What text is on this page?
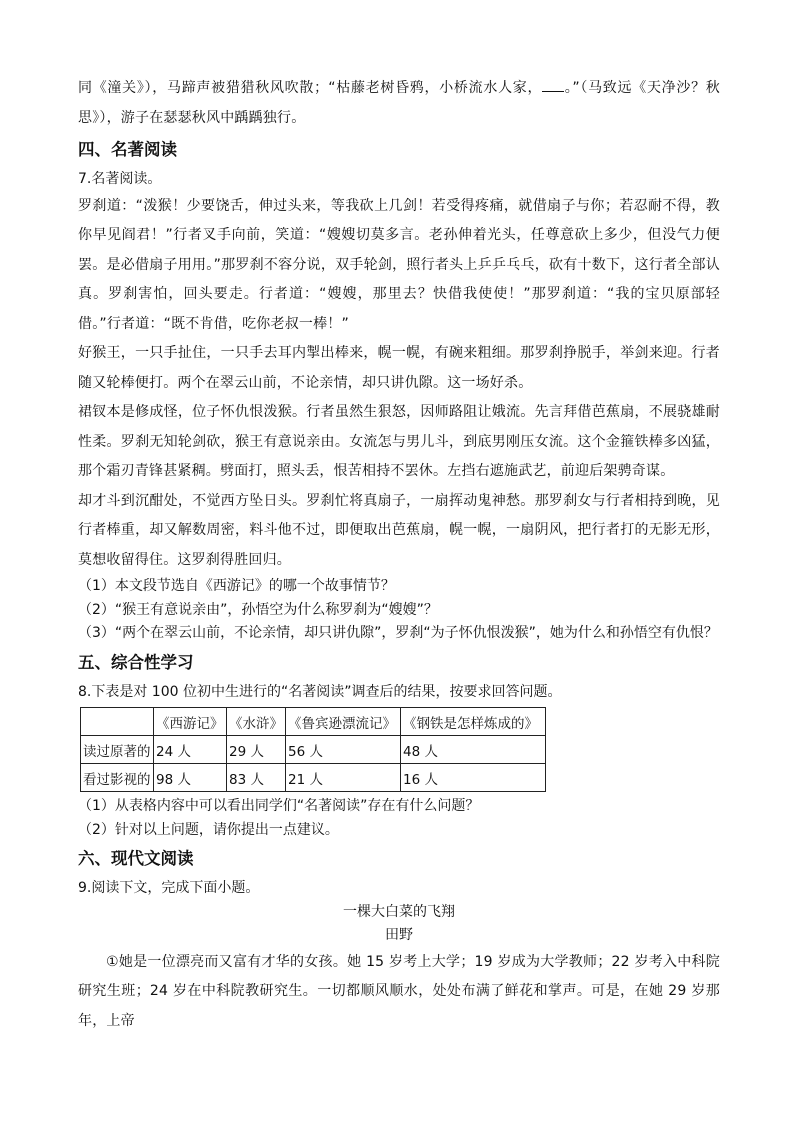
同《潼关》），马蹄声被猎猎秋风吹散；“枯藤老树昏鸦，小桥流水人家， 。”（马致远《天净沙？秋思》），游子在瑟瑟秋风中踽踽独行。

四、名著阅读

7.名著阅读。

罗刹道：“泼猴！少要饶舌，伸过头来，等我砍上几剑！若受得疼痛，就借扇子与你；若忍耐不得，教你早见阎君！”行者叉手向前，笑道：“嫂嫂切莫多言。老孙伸着光头，任尊意砍上多少，但没气力便罢。是必借扇子用用。”那罗刹不容分说，双手轮剑，照行者头上乒乒乓乓，砍有十数下，这行者全部认真。罗刹害怕，回头要走。行者道：“嫂嫂，那里去？快借我使使！”那罗刹道：“我的宝贝原部轻借。”行者道：“既不肯借，吃你老叔一棒！”

好猴王，一只手扯住，一只手去耳内掣出棒来，幌一幌，有碗来粗细。那罗刹挣脱手，举剑来迎。行者随又轮棒便打。两个在翠云山前，不论亲情，却只讲仇隙。这一场好杀。

裙钗本是修成怪，位子怀仇恨泼猴。行者虽然生狠怒，因师路阻让娥流。先言拜借芭蕉扇，不展骁雄耐性柔。罗刹无知轮剑砍，猴王有意说亲由。女流怎与男儿斗，到底男刚压女流。这个金箍铁棒多凶猛，那个霜刃青锋甚紧稠。劈面打，照头丢，恨苦相持不罢休。左挡右遮施武艺，前迎后架骋奇谋。

却才斗到沉酣处，不觉西方坠日头。罗刹忙将真扇子，一扇挥动鬼神愁。那罗刹女与行者相持到晚，见行者棒重，却又解数周密，料斗他不过，即便取出芭蕉扇，幌一幌，一扇阴风，把行者打的无影无形，莫想收留得住。这罗刹得胜回归。

（1）本文段节选自《西游记》的哪一个故事情节？

（2）“猴王有意说亲由”，孙悟空为什么称罗刹为“嫂嫂”？

（3）“两个在翠云山前，不论亲情，却只讲仇隙”，罗刹“为子怀仇恨泼猴”，她为什么和孙悟空有仇恨？

五、综合性学习

8.下表是对 100 位初中生进行的“名著阅读”调查后的结果，按要求回答问题。

	《西游记》	《水浒》	《鲁宾逊漂流记》	《钢铁是怎样炼成的》
读过原著的	24 人	29 人	56 人	48 人
看过影视的	98 人	83 人	21 人	16 人

（1）从表格内容中可以看出同学们“名著阅读”存在有什么问题？

（2）针对以上问题，请你提出一点建议。

六、现代文阅读

9.阅读下文，完成下面小题。

一棵大白菜的飞翔

田野

①她是一位漂亮而又富有才华的女孩。她 15 岁考上大学；19 岁成为大学教师；22 岁考入中科院研究生班；24 岁在中科院教研究生。一切都顺风顺水，处处布满了鲜花和掌声。可是，在她 29 岁那年，上帝
